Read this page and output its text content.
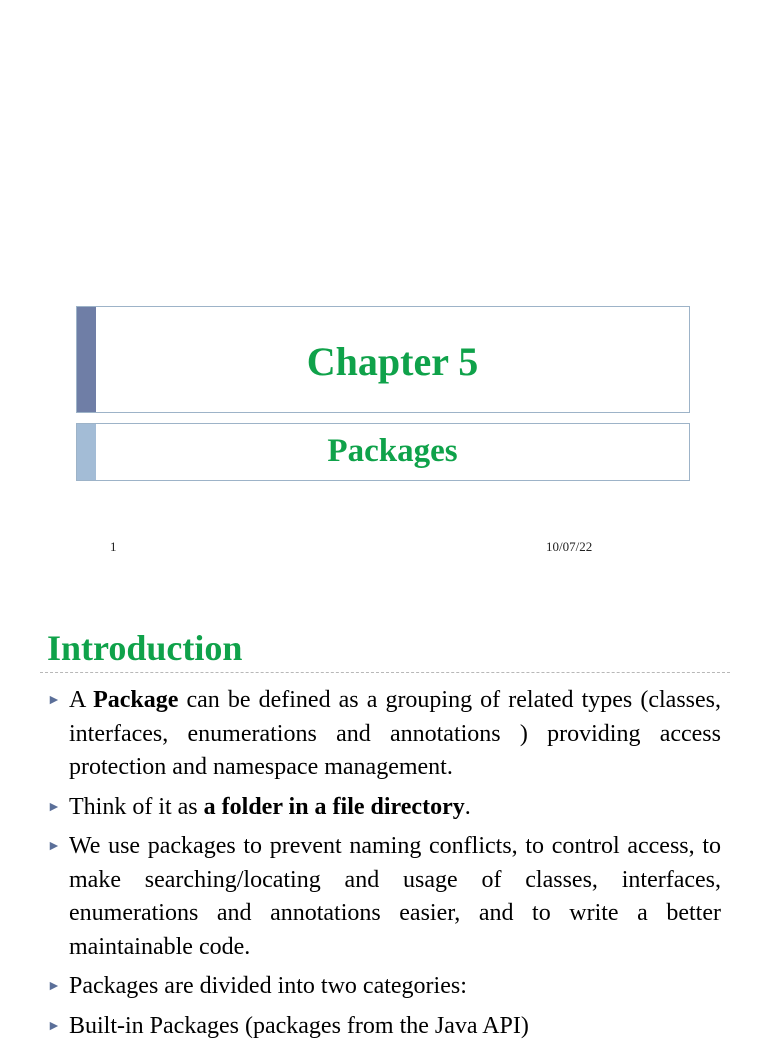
Chapter 5
Packages
1	10/07/22
Introduction
► A Package can be defined as a grouping of related types (classes, interfaces, enumerations and annotations ) providing access protection and namespace management.
► Think of it as a folder in a file directory.
► We use packages to prevent naming conflicts, to control access, to make searching/locating and usage of classes, interfaces, enumerations and annotations easier, and to write a better maintainable code.
► Packages are divided into two categories:
► Built-in Packages (packages from the Java API)
